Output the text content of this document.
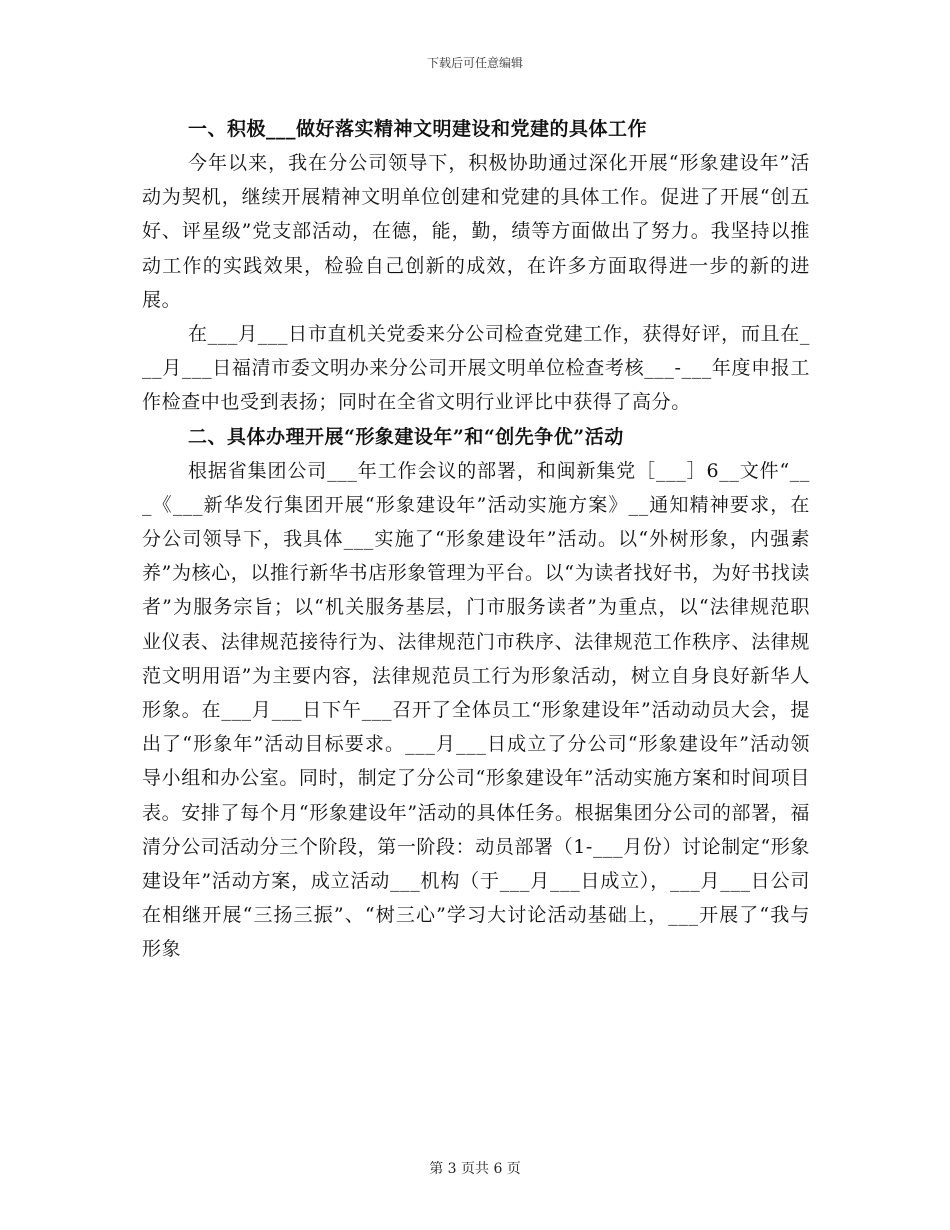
下载后可任意编辑

一、积极___做好落实精神文明建设和党建的具体工作

今年以来，我在分公司领导下，积极协助通过深化开展“形象建设年”活动为契机，继续开展精神文明单位创建和党建的具体工作。促进了开展“创五好、评星级”党支部活动，在德，能，勤，绩等方面做出了努力。我坚持以推动工作的实践效果，检验自己创新的成效，在许多方面取得进一步的新的进展。

在___月___日市直机关党委来分公司检查党建工作，获得好评，而且在___月___日福清市委文明办来分公司开展文明单位检查考核___-___年度申报工作检查中也受到表扬；同时在全省文明行业评比中获得了高分。

二、具体办理开展“形象建设年”和“创先争优”活动

根据省集团公司___年工作会议的部署，和闽新集党［___］6__文件“___《___新华发行集团开展“形象建设年”活动实施方案》__通知精神要求，在分公司领导下，我具体___实施了“形象建设年”活动。以“外树形象，内强素养”为核心，以推行新华书店形象管理为平台。以“为读者找好书，为好书找读者”为服务宗旨；以“机关服务基层，门市服务读者”为重点，以“法律规范职业仪表、法律规范接待行为、法律规范门市秩序、法律规范工作秩序、法律规范文明用语”为主要内容，法律规范员工行为形象活动，树立自身良好新华人形象。在___月___日下午___召开了全体员工“形象建设年”活动动员大会，提出了“形象年”活动目标要求。___月___日成立了分公司“形象建设年”活动领导小组和办公室。同时，制定了分公司“形象建设年”活动实施方案和时间项目表。安排了每个月“形象建设年”活动的具体任务。根据集团分公司的部署，福清分公司活动分三个阶段，第一阶段：动员部署（1-___月份）讨论制定“形象建设年”活动方案，成立活动___机构（于___月___日成立），___月___日公司在相继开展“三扬三振”、“树三心”学习大讨论活动基础上，___开展了“我与形象

第 3 页共 6 页
